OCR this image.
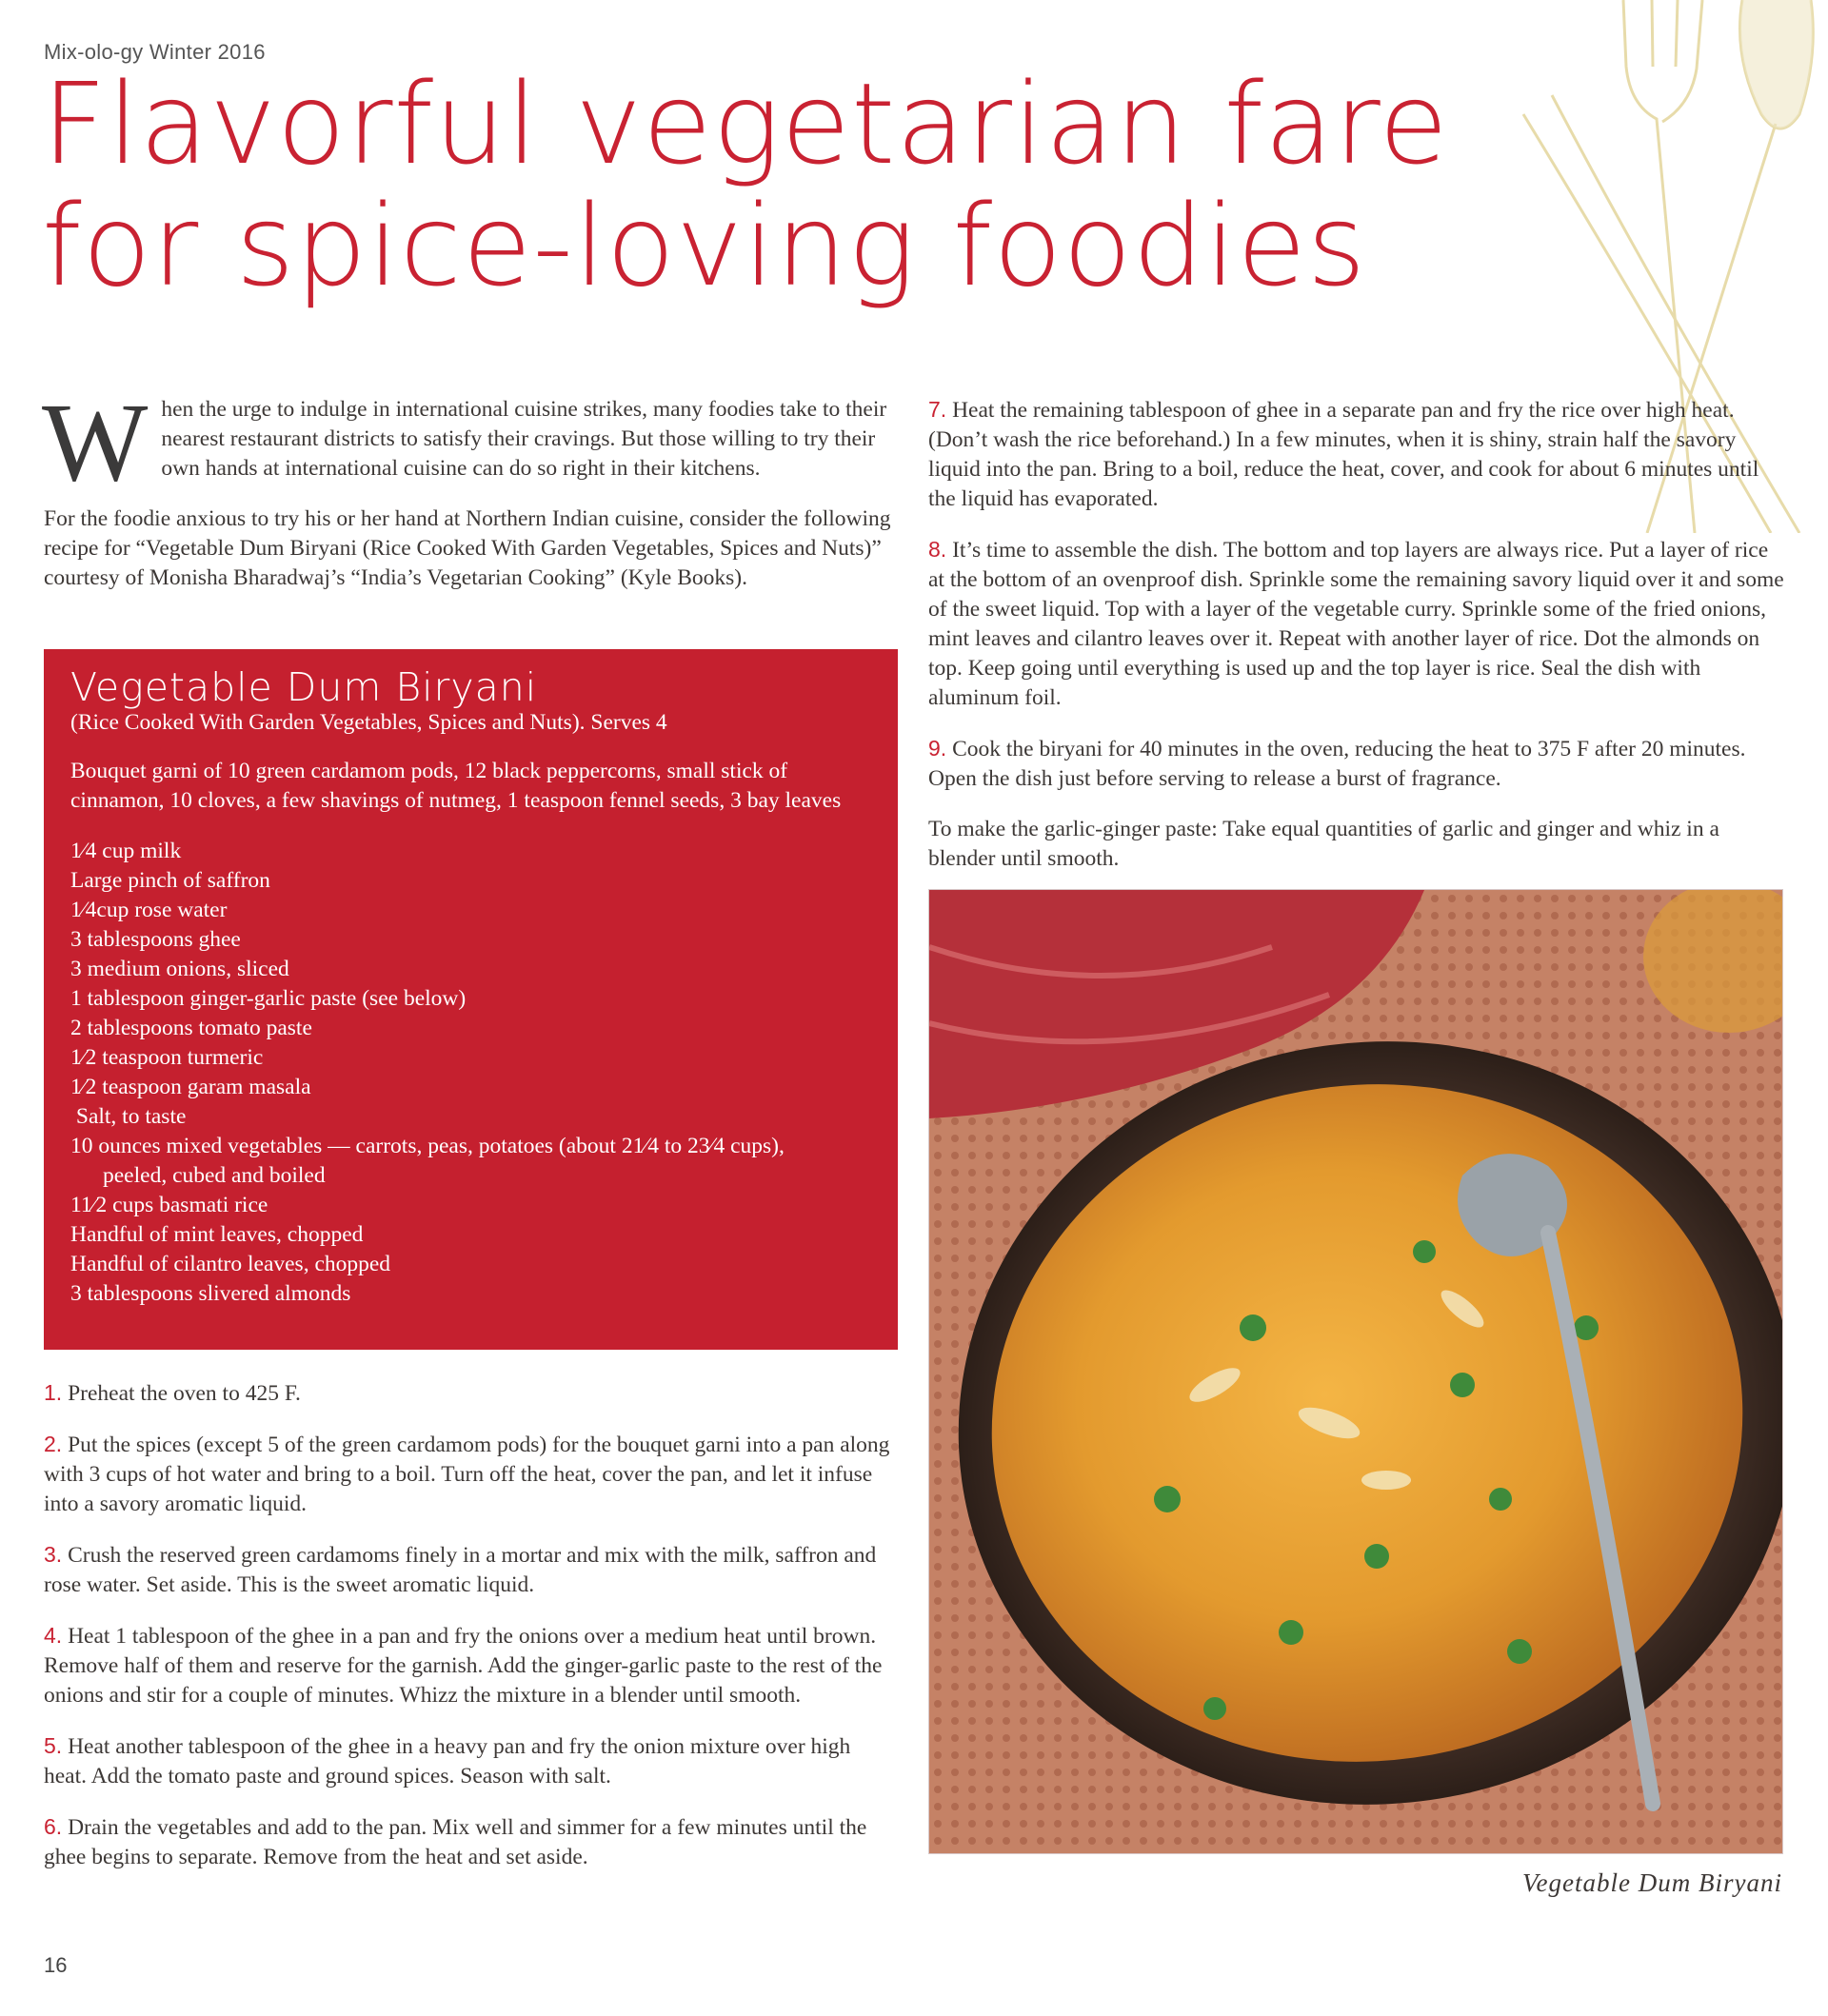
Mix-olo-gy Winter 2016
Flavorful vegetarian fare
for spice-loving foodies

When the urge to indulge in international cuisine strikes, many foodies take to their nearest restaurant districts to satisfy their cravings. But those willing to try their own hands at international cuisine can do so right in their kitchens.

For the foodie anxious to try his or her hand at Northern Indian cuisine, consider the following recipe for “Vegetable Dum Biryani (Rice Cooked With Garden Vegetables, Spices and Nuts)” courtesy of Monisha Bharadwaj’s “India’s Vegetarian Cooking” (Kyle Books).

Vegetable Dum Biryani

(Rice Cooked With Garden Vegetables, Spices and Nuts). Serves 4

Bouquet garni of 10 green cardamom pods, 12 black peppercorns, small stick of cinnamon, 10 cloves, a few shavings of nutmeg, 1 teaspoon fennel seeds, 3 bay leaves

1⁄4 cup milk
Large pinch of saffron
1⁄4cup rose water
3 tablespoons ghee
3 medium onions, sliced
1 tablespoon ginger-garlic paste (see below)
2 tablespoons tomato paste
1⁄2 teaspoon turmeric
1⁄2 teaspoon garam masala
Salt, to taste
10 ounces mixed vegetables — carrots, peas, potatoes (about 21⁄4 to 23⁄4 cups),
peeled, cubed and boiled
11⁄2 cups basmati rice
Handful of mint leaves, chopped
Handful of cilantro leaves, chopped
3 tablespoons slivered almonds

1. Preheat the oven to 425 F.

2. Put the spices (except 5 of the green cardamom pods) for the bouquet garni into a pan along with 3 cups of hot water and bring to a boil. Turn off the heat, cover the pan, and let it infuse into a savory aromatic liquid.

3. Crush the reserved green cardamoms finely in a mortar and mix with the milk, saffron and rose water. Set aside. This is the sweet aromatic liquid.

4. Heat 1 tablespoon of the ghee in a pan and fry the onions over a medium heat until brown. Remove half of them and reserve for the garnish. Add the ginger-garlic paste to the rest of the onions and stir for a couple of minutes. Whizz the mixture in a blender until smooth.

5. Heat another tablespoon of the ghee in a heavy pan and fry the onion mixture over high heat. Add the tomato paste and ground spices. Season with salt.

6. Drain the vegetables and add to the pan. Mix well and simmer for a few minutes until the ghee begins to separate. Remove from the heat and set aside.

7. Heat the remaining tablespoon of ghee in a separate pan and fry the rice over high heat. (Don’t wash the rice beforehand.) In a few minutes, when it is shiny, strain half the savory liquid into the pan. Bring to a boil, reduce the heat, cover, and cook for about 6 minutes until the liquid has evaporated.

8. It’s time to assemble the dish. The bottom and top layers are always rice. Put a layer of rice at the bottom of an ovenproof dish. Sprinkle some the remaining savory liquid over it and some of the sweet liquid. Top with a layer of the vegetable curry. Sprinkle some of the fried onions, mint leaves and cilantro leaves over it. Repeat with another layer of rice. Dot the almonds on top. Keep going until everything is used up and the top layer is rice. Seal the dish with aluminum foil.

9. Cook the biryani for 40 minutes in the oven, reducing the heat to 375 F after 20 minutes. Open the dish just before serving to release a burst of fragrance.

To make the garlic-ginger paste: Take equal quantities of garlic and ginger and whiz in a blender until smooth.

Vegetable Dum Biryani
16
